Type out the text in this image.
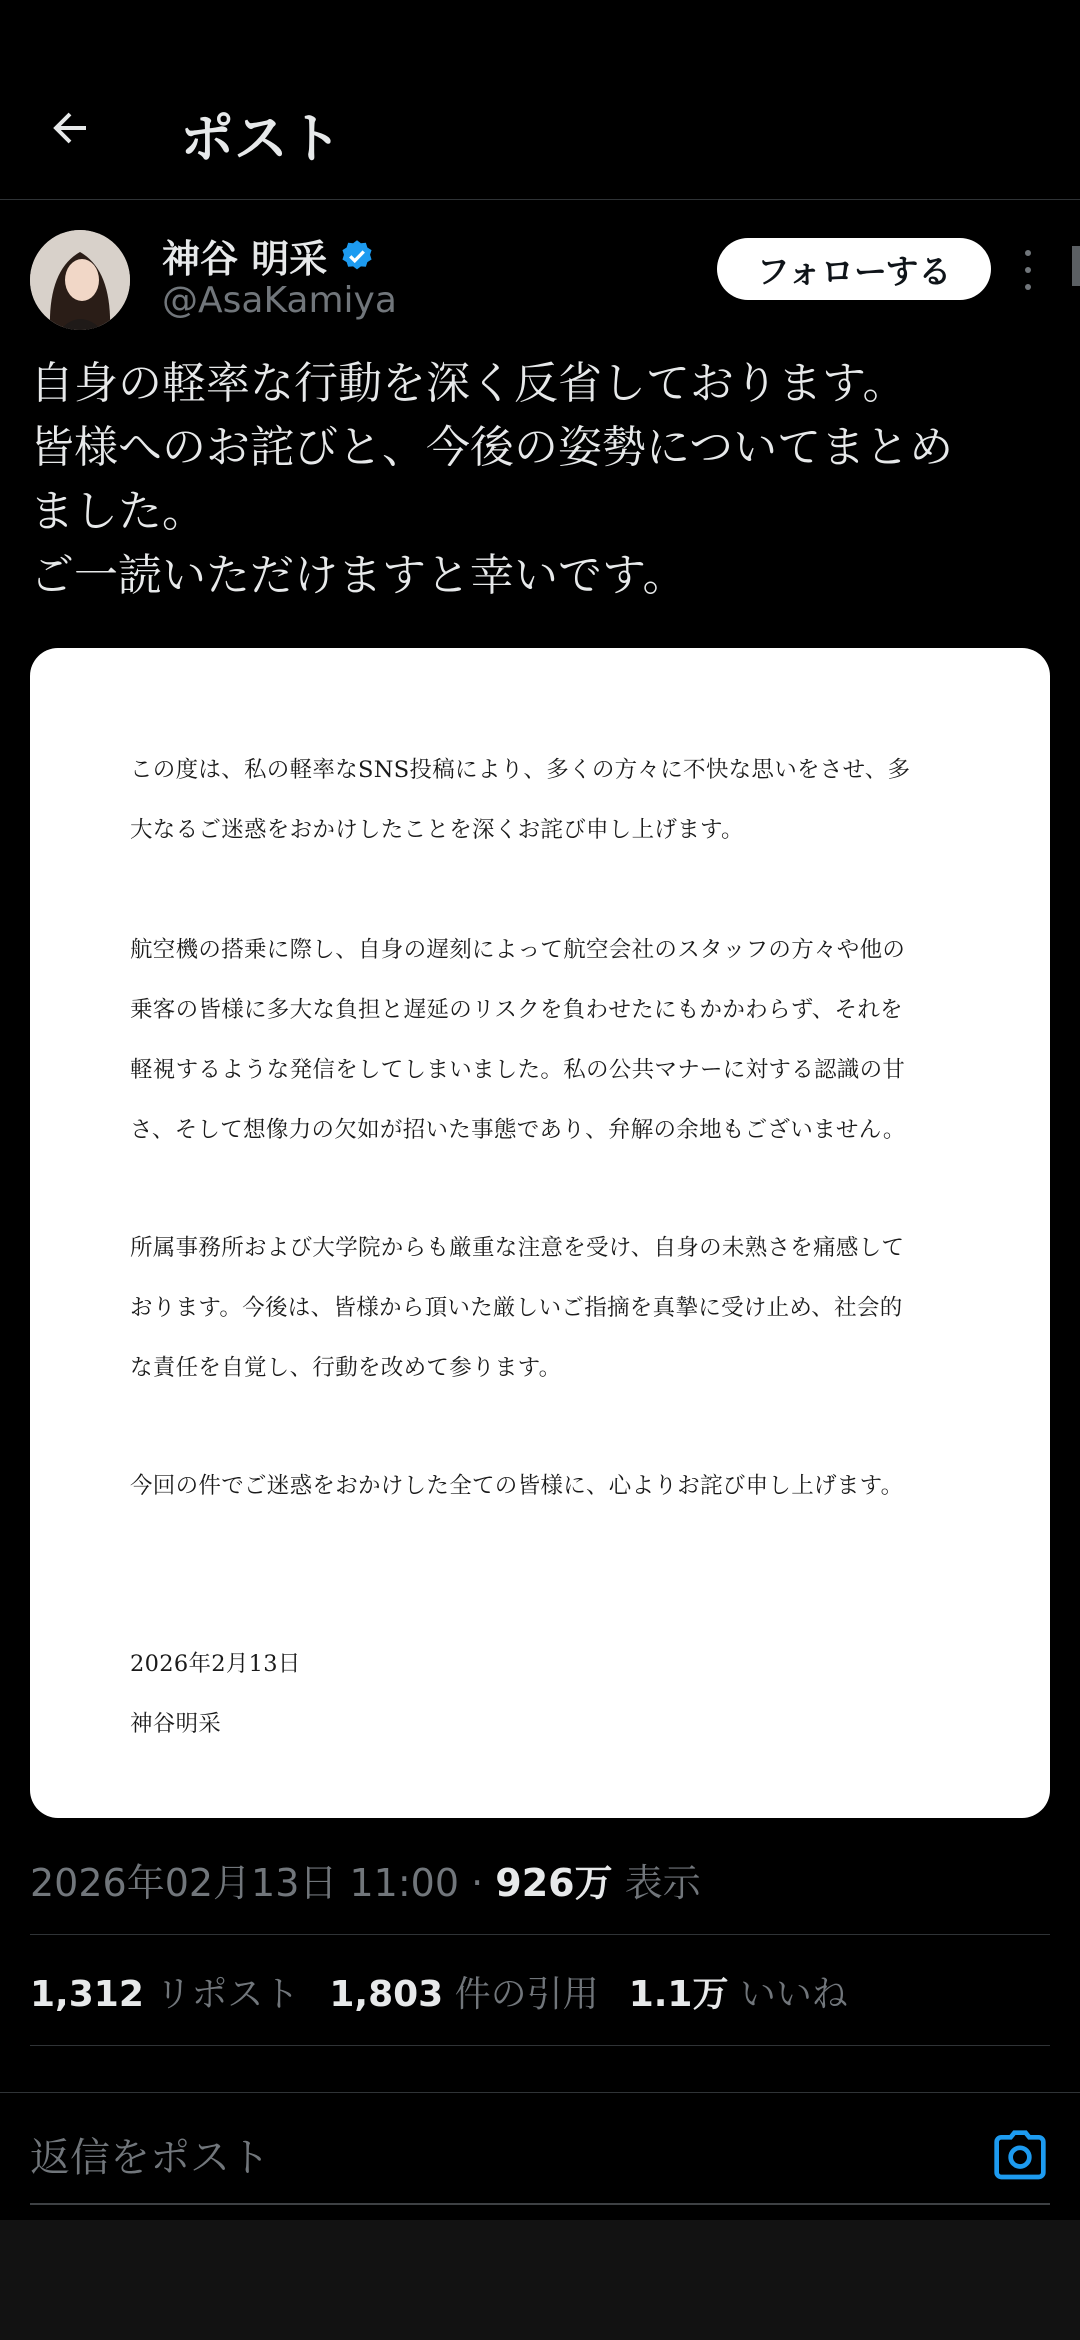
ポスト
神谷 明采
@AsaKamiya
フォローする
自身の軽率な行動を深く反省しております。
皆様へのお詫びと、今後の姿勢についてまとめ
ました。
ご一読いただけますと幸いです。
この度は、私の軽率なSNS投稿により、多くの方々に不快な思いをさせ、多
大なるご迷惑をおかけしたことを深くお詫び申し上げます。
航空機の搭乗に際し、自身の遅刻によって航空会社のスタッフの方々や他の
乗客の皆様に多大な負担と遅延のリスクを負わせたにもかかわらず、それを
軽視するような発信をしてしまいました。私の公共マナーに対する認識の甘
さ、そして想像力の欠如が招いた事態であり、弁解の余地もございません。
所属事務所および大学院からも厳重な注意を受け、自身の未熟さを痛感して
おります。今後は、皆様から頂いた厳しいご指摘を真摯に受け止め、社会的
な責任を自覚し、行動を改めて参ります。
今回の件でご迷惑をおかけした全ての皆様に、心よりお詫び申し上げます。
2026年2月13日
神谷明采
2026年02月13日 11:00 · 926万 表示
1,312 リポスト 1,803 件の引用 1.1万 いいね
返信をポスト
